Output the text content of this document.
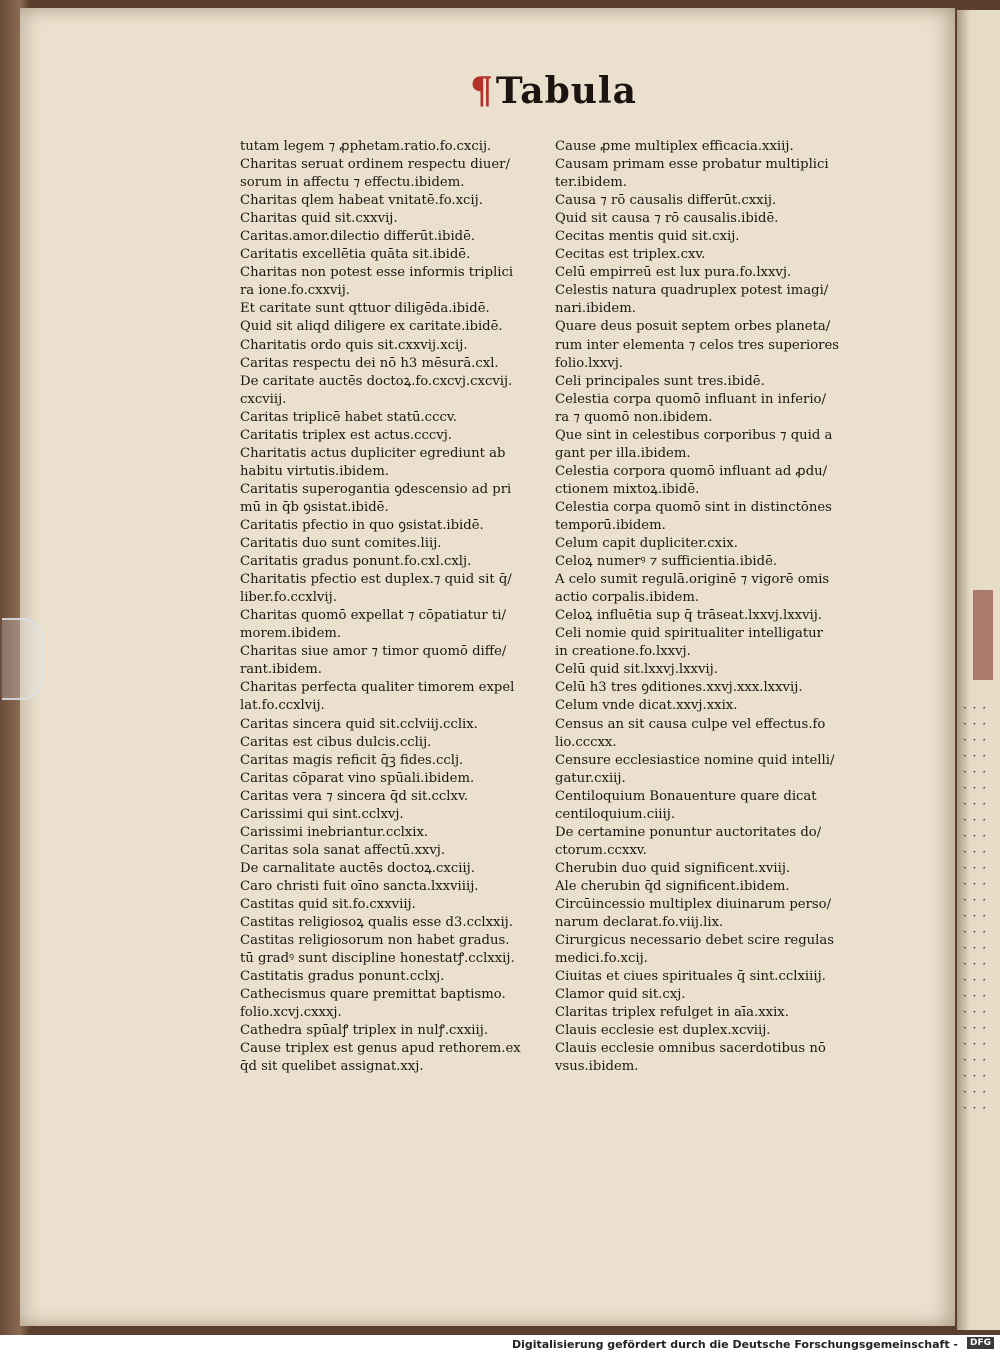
· · ·
· · ·
· · ·
· · ·
· · ·
· · ·
· · ·
· · ·
· · ·
· · ·
· · ·
· · ·
· · ·
· · ·
· · ·
· · ·
· · ·
· · ·
· · ·
· · ·
· · ·
· · ·
· · ·
· · ·
· · ·
· · ·
¶Tabula
tutam legem ⁊ ꝓphetam.ratio.fo.cxcij.
Charitas seruat ordinem respectu diuer/
sorum in affectu ⁊ effectu.ibidem.
Charitas qlem habeat vnitatē.fo.xcij.
Charitas quid sit.cxxvij.
Caritas.amor.dilectio differūt.ibidē.
Caritatis excellētia quāta sit.ibidē.
Charitas non potest esse informis triplici
ra ione.fo.cxxvij.
Et caritate sunt qttuor diligēda.ibidē.
Quid sit aliqd diligere ex caritate.ibidē.
Charitatis ordo quis sit.cxxvij.xcij.
Caritas respectu dei nō h3 mēsurā.cxl.
De caritate auctēs doctoꝝ.fo.cxcvj.cxcvij.
cxcviij.
Caritas triplicē habet statū.cccv.
Caritatis triplex est actus.cccvj.
Charitatis actus dupliciter egrediunt ab
habitu virtutis.ibidem.
Caritatis superogantia ꝯdescensio ad pri
mū in q̄b ꝯsistat.ibidē.
Caritatis pfectio in quo ꝯsistat.ibidē.
Caritatis duo sunt comites.liij.
Caritatis gradus ponunt.fo.cxl.cxlj.
Charitatis pfectio est duplex.⁊ quid sit q̄/
liber.fo.ccxlvij.
Charitas quomō expellat ⁊ cōpatiatur ti/
morem.ibidem.
Charitas siue amor ⁊ timor quomō diffe/
rant.ibidem.
Charitas perfecta qualiter timorem expel
lat.fo.ccxlvij.
Caritas sincera quid sit.cclviij.cclix.
Caritas est cibus dulcis.cclij.
Caritas magis reficit q̄ꝫ fides.cclj.
Caritas cōparat vino spūali.ibidem.
Caritas vera ⁊ sincera q̄d sit.cclxv.
Carissimi qui sint.cclxvj.
Carissimi inebriantur.cclxix.
Caritas sola sanat affectū.xxvj.
De carnalitate auctēs doctoꝝ.cxciij.
Caro christi fuit oīno sancta.lxxviiij.
Castitas quid sit.fo.cxxviij.
Castitas religiosoꝝ qualis esse d3.cclxxij.
Castitas religiosorum non habet gradus.
tū gradꝰ sunt discipline honestatꝭ.cclxxij.
Castitatis gradus ponunt.cclxj.
Cathecismus quare premittat baptismo.
folio.xcvj.cxxxj.
Cathedra spūalꝭ triplex in nulꝭ.cxxiij.
Cause triplex est genus apud rethorem.ex
q̄d sit quelibet assignat.xxj.
Cause ꝓme multiplex efficacia.xxiij.
Causam primam esse probatur multiplici
ter.ibidem.
Causa ⁊ rō causalis differūt.cxxij.
Quid sit causa ⁊ rō causalis.ibidē.
Cecitas mentis quid sit.cxij.
Cecitas est triplex.cxv.
Celū empirreū est lux pura.fo.lxxvj.
Celestis natura quadruplex potest imagi/
nari.ibidem.
Quare deus posuit septem orbes planeta/
rum inter elementa ⁊ celos tres superiores
folio.lxxvj.
Celi principales sunt tres.ibidē.
Celestia corpa quomō influant in inferio/
ra ⁊ quomō non.ibidem.
Que sint in celestibus corporibus ⁊ quid a
gant per illa.ibidem.
Celestia corpora quomō influant ad ꝓdu/
ctionem mixtoꝝ.ibidē.
Celestia corpa quomō sint in distinctōnes
temporū.ibidem.
Celum capit dupliciter.cxix.
Celoꝝ numerꝰ ⁊ sufficientia.ibidē.
A celo sumit regulā.originē ⁊ vigorē omis
actio corpalis.ibidem.
Celoꝝ influētia sup q̄ trāseat.lxxvj.lxxvij.
Celi nomie quid spiritualiter intelligatur
in creatione.fo.lxxvj.
Celū quid sit.lxxvj.lxxvij.
Celū h3 tres ꝯditiones.xxvj.xxx.lxxvij.
Celum vnde dicat.xxvj.xxix.
Census an sit causa culpe vel effectus.fo
lio.cccxx.
Censure ecclesiastice nomine quid intelli/
gatur.cxiij.
Centiloquium Bonauenture quare dicat
centiloquium.ciiij.
De certamine ponuntur auctoritates do/
ctorum.ccxxv.
Cherubin duo quid significent.xviij.
Ale cherubin q̄d significent.ibidem.
Circūincessio multiplex diuinarum perso/
narum declarat.fo.viij.lix.
Cirurgicus necessario debet scire regulas
medici.fo.xcij.
Ciuitas et ciues spirituales q̄ sint.cclxiiij.
Clamor quid sit.cxj.
Claritas triplex refulget in aīa.xxix.
Clauis ecclesie est duplex.xcviij.
Clauis ecclesie omnibus sacerdotibus nō
vsus.ibidem.
Digitalisierung gefördert durch die Deutsche Forschungsgemeinschaft -	DFG
